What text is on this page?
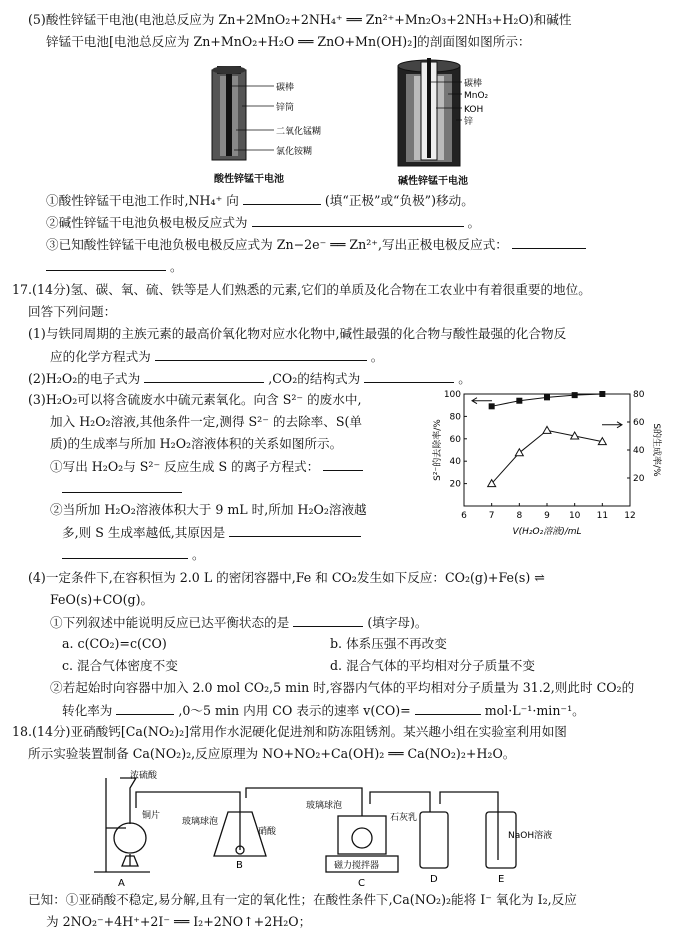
(5)酸性锌锰干电池(电池总反应为 Zn+2MnO₂+2NH₄⁺ ══ Zn²⁺+Mn₂O₃+2NH₃+H₂O)和碱性
锌锰干电池[电池总反应为 Zn+MnO₂+H₂O ══ ZnO+Mn(OH)₂]的剖面图如图所示：
碳棒
锌筒
二氧化锰糊
氯化铵糊
酸性锌锰干电池
碳棒
MnO₂
KOH
锌
碱性锌锰干电池
①酸性锌锰干电池工作时,NH₄⁺ 向	(填“正极”或“负极”)移动。
②碱性锌锰干电池负极电极反应式为	。
③已知酸性锌锰干电池负极电极反应式为 Zn−2e⁻ ══ Zn²⁺,写出正极电极反应式：
。
17.(14分)氢、碳、氧、硫、铁等是人们熟悉的元素,它们的单质及化合物在工农业中有着很重要的地位。
回答下列问题：
(1)与铁同周期的主族元素的最高价氧化物对应水化物中,碱性最强的化合物与酸性最强的化合物反
应的化学方程式为	。
(2)H₂O₂的电子式为	,CO₂的结构式为	。
(3)H₂O₂可以将含硫废水中硫元素氧化。向含 S²⁻ 的废水中,
加入 H₂O₂溶液,其他条件一定,测得 S²⁻ 的去除率、S(单
质)的生成率与所加 H₂O₂溶液体积的关系如图所示。
①写出 H₂O₂与 S²⁻ 反应生成 S 的离子方程式：
②当所加 H₂O₂溶液体积大于 9 mL 时,所加 H₂O₂溶液越
多,则 S 生成率越低,其原因是
。
6 7 8 9 10 11 12
20
40
60
80
100
20
40
60
80
V(H₂O₂溶液)/mL
S²⁻的去除率/%	S的生成率/%
(4)一定条件下,在容积恒为 2.0 L 的密闭容器中,Fe 和 CO₂发生如下反应：CO₂(g)+Fe(s) ⇌
FeO(s)+CO(g)。
①下列叙述中能说明反应已达平衡状态的是	(填字母)。
a. c(CO₂)=c(CO)	b. 体系压强不再改变
c. 混合气体密度不变	d. 混合气体的平均相对分子质量不变
②若起始时向容器中加入 2.0 mol CO₂,5 min 时,容器内气体的平均相对分子质量为 31.2,则此时 CO₂的
转化率为	,0～5 min 内用 CO 表示的速率 v(CO)=	mol·L⁻¹·min⁻¹。
18.(14分)亚硝酸钙[Ca(NO₂)₂]常用作水泥硬化促进剂和防冻阻锈剂。某兴趣小组在实验室利用如图
所示实验装置制备 Ca(NO₂)₂,反应原理为 NO+NO₂+Ca(OH)₂ ══ Ca(NO₂)₂+H₂O。
浓硫酸
铜片
玻璃球泡
硝酸
玻璃球泡
石灰乳
磁力搅拌器
NaOH溶液
A
B
C	D	E
已知：①亚硝酸不稳定,易分解,且有一定的氧化性；在酸性条件下,Ca(NO₂)₂能将 I⁻ 氧化为 I₂,反应
为 2NO₂⁻+4H⁺+2I⁻ ══ I₂+2NO↑+2H₂O；
